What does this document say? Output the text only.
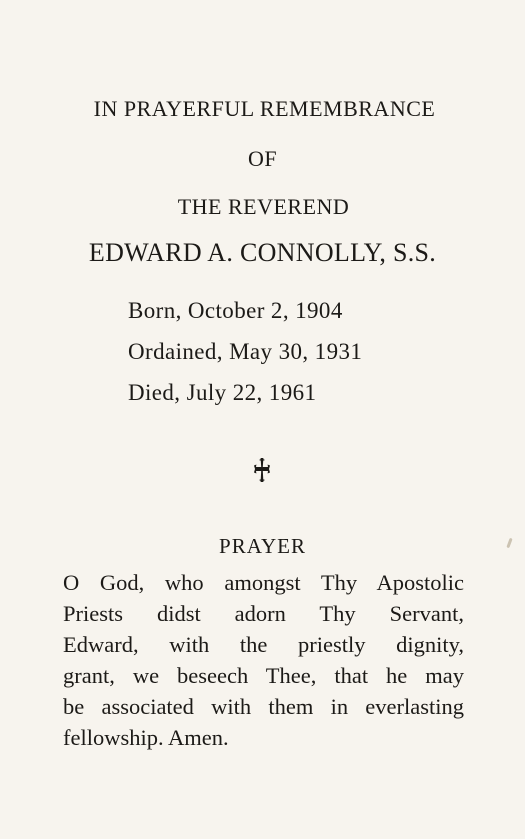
IN PRAYERFUL REMEMBRANCE
OF
THE REVEREND
EDWARD A. CONNOLLY, S.S.
Born, October 2, 1904
Ordained, May 30, 1931
Died, July 22, 1961
PRAYER
O God, who amongst Thy Apostolic
Priests didst adorn Thy Servant,
Edward, with the priestly dignity,
grant, we beseech Thee, that he may
be associated with them in everlasting
fellowship. Amen.
